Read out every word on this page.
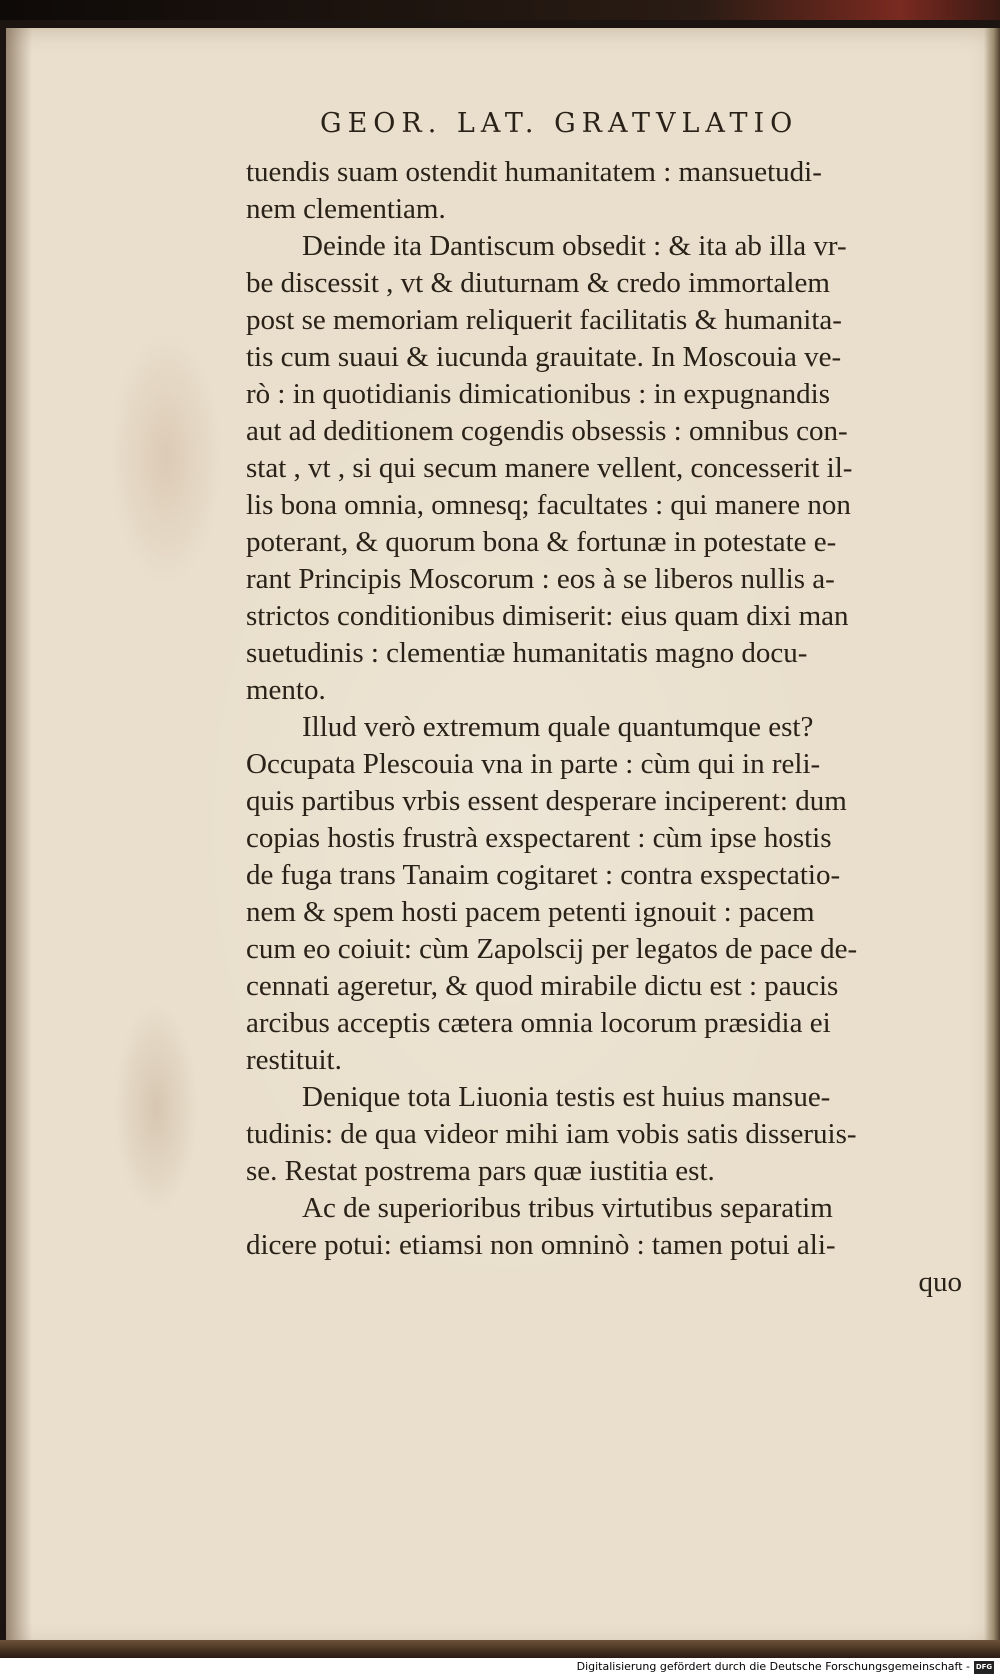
GEOR. LAT. GRATVLATIO
tuendis suam ostendit humanitatem : mansuetudi-
nem clementiam.
Deinde ita Dantiscum obsedit : & ita ab illa vr-
be discessit , vt & diuturnam & credo immortalem
post se memoriam reliquerit facilitatis & humanita-
tis cum suaui & iucunda grauitate. In Moscouia ve-
rò : in quotidianis dimicationibus : in expugnandis
aut ad deditionem cogendis obsessis : omnibus con-
stat , vt , si qui secum manere vellent, concesserit il-
lis bona omnia, omnesq; facultates : qui manere non
poterant, & quorum bona & fortunæ in potestate e-
rant Principis Moscorum : eos à se liberos nullis a-
strictos conditionibus dimiserit: eius quam dixi man
suetudinis : clementiæ humanitatis magno docu-
mento.
Illud verò extremum quale quantumque est?
Occupata Plescouia vna in parte : cùm qui in reli-
quis partibus vrbis essent desperare inciperent: dum
copias hostis frustrà exspectarent : cùm ipse hostis
de fuga trans Tanaim cogitaret : contra exspectatio-
nem & spem hosti pacem petenti ignouit : pacem
cum eo coiuit: cùm Zapolscij per legatos de pace de-
cennati ageretur, & quod mirabile dictu est : paucis
arcibus acceptis cætera omnia locorum præsidia ei
restituit.
Denique tota Liuonia testis est huius mansue-
tudinis: de qua videor mihi iam vobis satis disseruis-
se. Restat postrema pars quæ iustitia est.
Ac de superioribus tribus virtutibus separatim
dicere potui: etiamsi non omninò : tamen potui ali-
quo
Digitalisierung gefördert durch die Deutsche Forschungsgemeinschaft - DFG
